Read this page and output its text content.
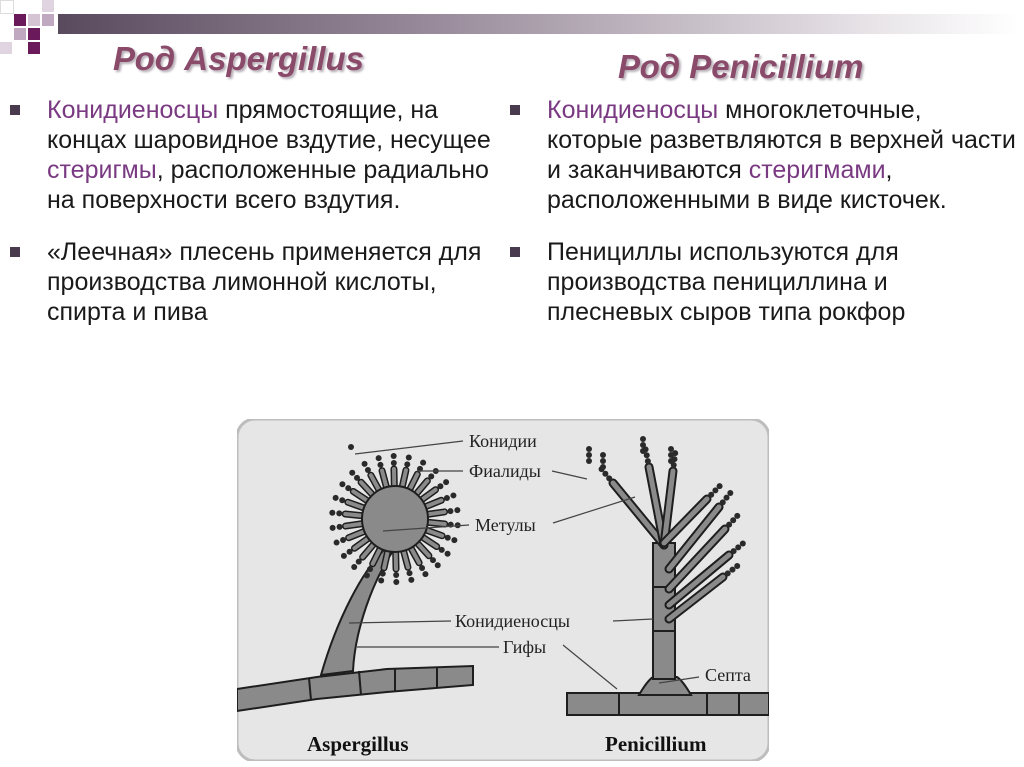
Род Aspergillus	Род Penicillium
Конидиеносцы прямостоящие, на концах шаровидное вздутие, несущее стеригмы, расположенные радиально на поверхности всего вздутия.
«Леечная» плесень применяется для производства лимонной кислоты, спирта и пива
Конидиеносцы многоклеточные, которые разветвляются в верхней части и заканчиваются стеригмами, расположенными в виде кисточек.
Пенициллы используются для производства пенициллина и плесневых сыров типа рокфор
Конидии
Фиалиды
Метулы
Конидиеносцы
Гифы
Септа
Aspergillus	Penicillium
